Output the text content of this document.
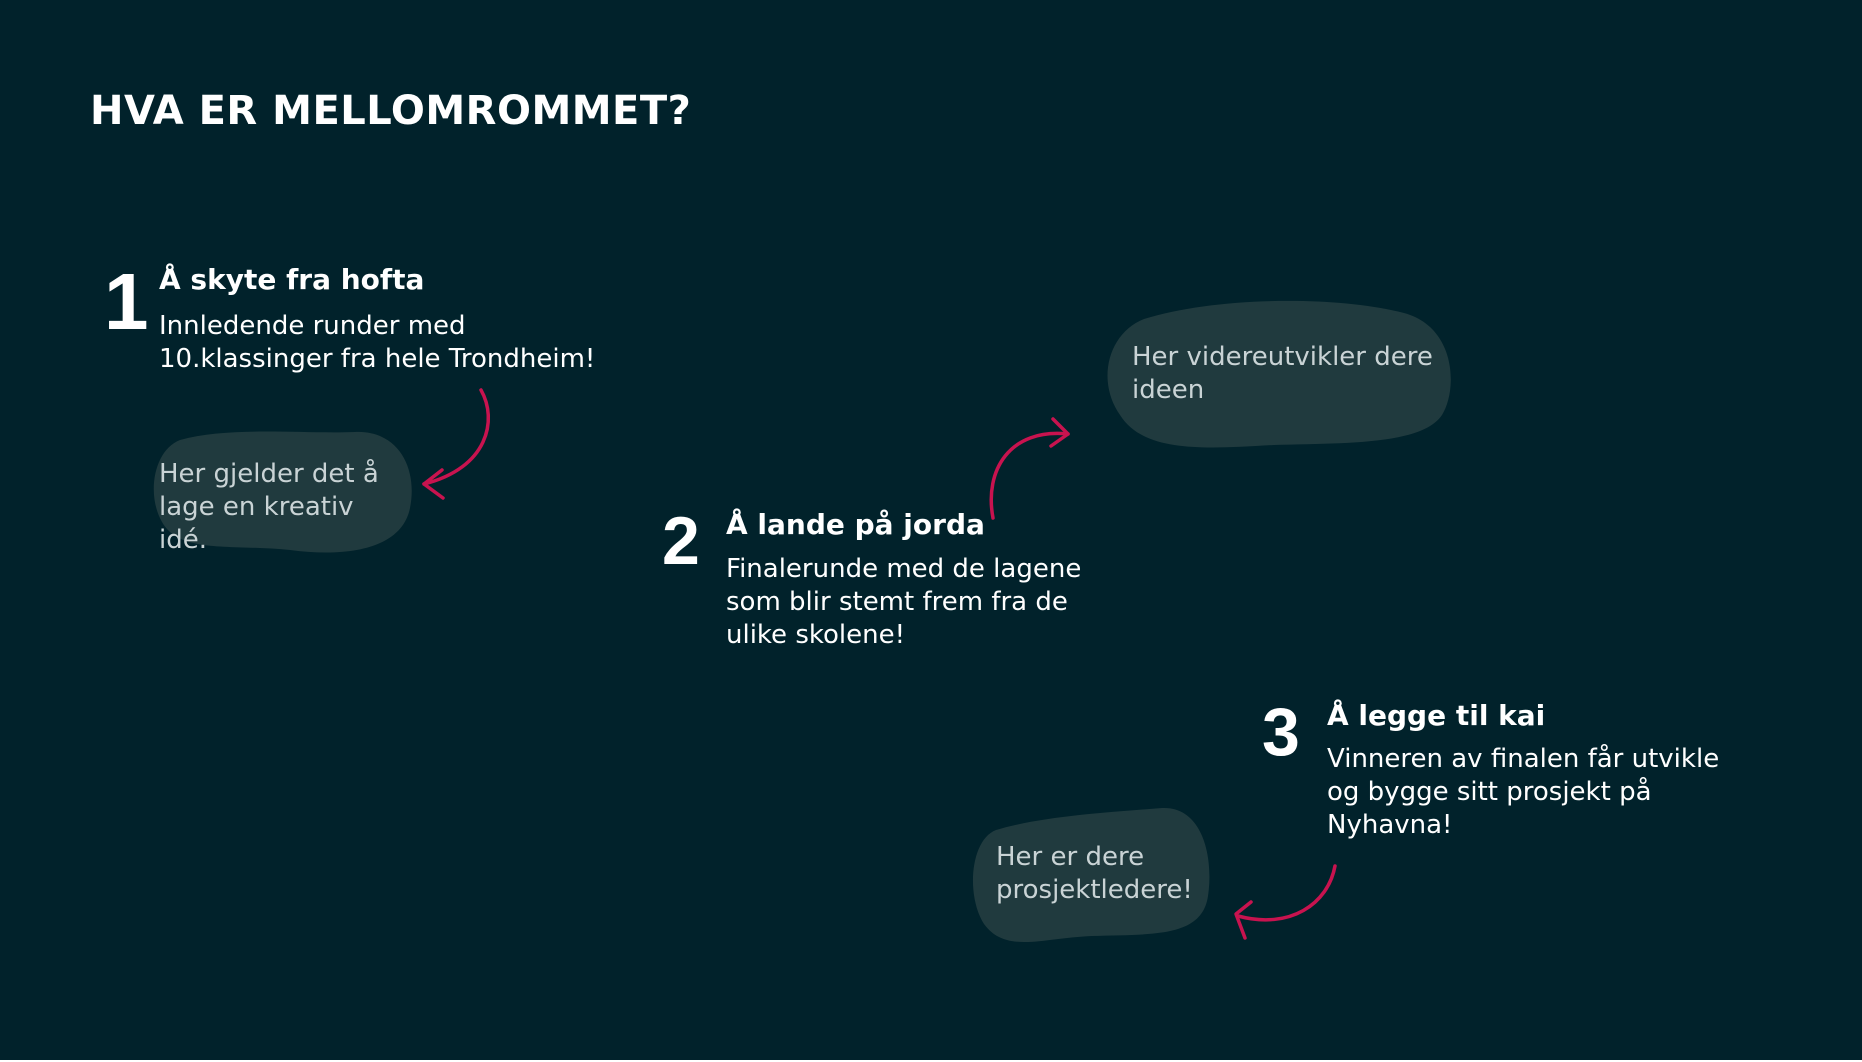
HVA ER MELLOMROMMET?
1 Å skyte fra hofta
Innledende runder med 10.klassinger fra hele Trondheim!
Her gjelder det å lage en kreativ idé.	2 Å lande på jorda
Finalerunde med de lagene som blir stemt frem fra de ulike skolene!
Her videreutvikler dere ideen
3 Å legge til kai
Vinneren av finalen får utvikle og bygge sitt prosjekt på Nyhavna!
Her er dere prosjektledere!
